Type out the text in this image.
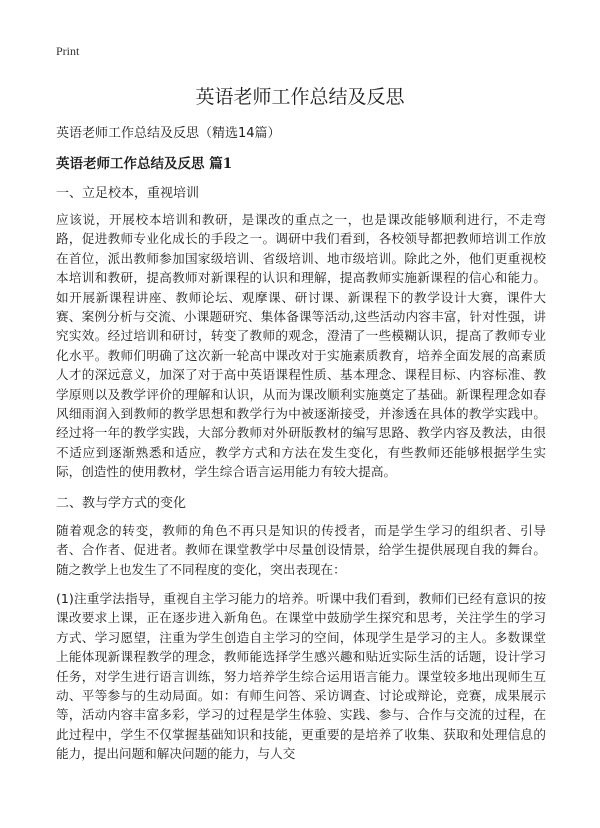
Print
英语老师工作总结及反思
英语老师工作总结及反思（精选14篇）
英语老师工作总结及反思 篇1
一、立足校本，重视培训

应该说，开展校本培训和教研，是课改的重点之一，也是课改能够顺利进行，不走弯路，促进教师专业化成长的手段之一。调研中我们看到，各校领导都把教师培训工作放在首位，派出教师参加国家级培训、省级培训、地市级培训。除此之外，他们更重视校本培训和教研，提高教师对新课程的认识和理解，提高教师实施新课程的信心和能力。如开展新课程讲座、教师论坛、观摩课、研讨课、新课程下的教学设计大赛，课件大赛、案例分析与交流、小课题研究、集体备课等活动,这些活动内容丰富，针对性强，讲究实效。经过培训和研讨，转变了教师的观念，澄清了一些模糊认识，提高了教师专业化水平。教师们明确了这次新一轮高中课改对于实施素质教育，培养全面发展的高素质人才的深远意义，加深了对于高中英语课程性质、基本理念、课程目标、内容标准、教学原则以及教学评价的理解和认识，从而为课改顺利实施奠定了基础。新课程理念如春风细雨润入到教师的教学思想和教学行为中被逐渐接受，并渗透在具体的教学实践中。经过将一年的教学实践，大部分教师对外研版教材的编写思路、教学内容及教法，由很不适应到逐渐熟悉和适应，教学方式和方法在发生变化，有些教师还能够根据学生实际，创造性的使用教材，学生综合语言运用能力有较大提高。

二、教与学方式的变化

随着观念的转变，教师的角色不再只是知识的传授者，而是学生学习的组织者、引导者、合作者、促进者。教师在课堂教学中尽量创设情景，给学生提供展现自我的舞台。随之教学上也发生了不同程度的变化，突出表现在：

(1)注重学法指导，重视自主学习能力的培养。听课中我们看到，教师们已经有意识的按课改要求上课，正在逐步进入新角色。在课堂中鼓励学生探究和思考，关注学生的学习方式、学习愿望，注重为学生创造自主学习的空间，体现学生是学习的主人。多数课堂上能体现新课程教学的理念，教师能选择学生感兴趣和贴近实际生活的话题，设计学习任务，对学生进行语言训练，努力培养学生综合运用语言能力。课堂较多地出现师生互动、平等参与的生动局面。如：有师生问答、采访调查、讨论或辩论，竞赛，成果展示等，活动内容丰富多彩，学习的过程是学生体验、实践、参与、合作与交流的过程，在此过程中，学生不仅掌握基础知识和技能，更重要的是培养了收集、获取和处理信息的能力，提出问题和解决问题的能力，与人交
